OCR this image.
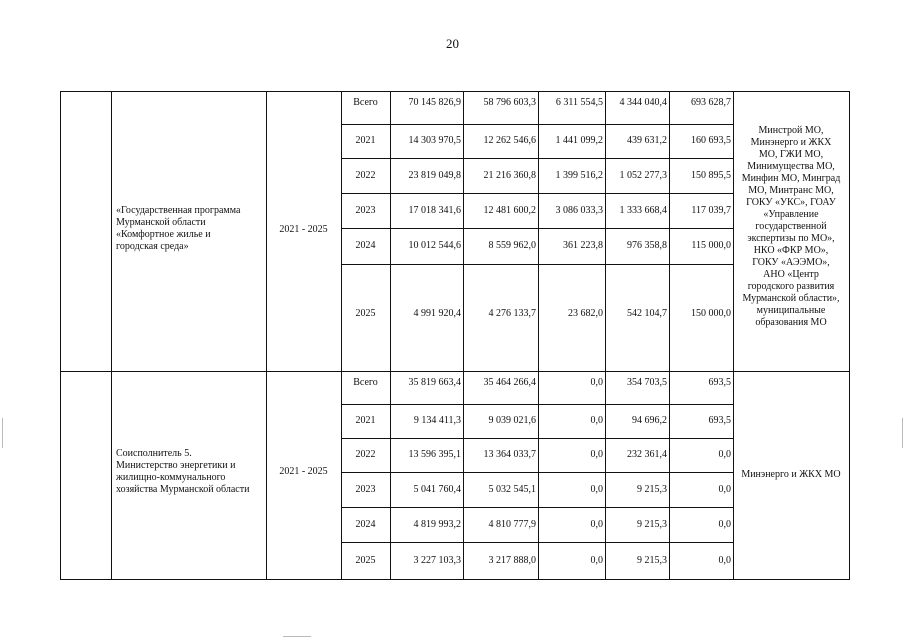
20
«Государственная программа
Мурманской области
«Комфортное жилье и
городская среда»
2021 - 2025
Всего	70 145 826,9	58 796 603,3	6 311 554,5	4 344 040,4	693 628,7
2021	14 303 970,5	12 262 546,6	1 441 099,2	439 631,2	160 693,5
2022	23 819 049,8	21 216 360,8	1 399 516,2	1 052 277,3	150 895,5
2023	17 018 341,6	12 481 600,2	3 086 033,3	1 333 668,4	117 039,7
2024	10 012 544,6	8 559 962,0	361 223,8	976 358,8	115 000,0
2025	4 991 920,4	4 276 133,7	23 682,0	542 104,7	150 000,0
Соисполнитель 5.
Министерство энергетики и
жилищно-коммунального
хозяйства Мурманской области
2021 - 2025
Всего	35 819 663,4	35 464 266,4	0,0	354 703,5	693,5
2021	9 134 411,3	9 039 021,6	0,0	94 696,2	693,5
2022	13 596 395,1	13 364 033,7	0,0	232 361,4	0,0
2023	5 041 760,4	5 032 545,1	0,0	9 215,3	0,0
2024	4 819 993,2	4 810 777,9	0,0	9 215,3	0,0
2025	3 227 103,3	3 217 888,0	0,0	9 215,3	0,0
Минстрой МО,
Минэнерго и ЖКХ
МО, ГЖИ МО,
Минимущества МО,
Минфин МО, Минград
МО, Минтранс МО,
ГОКУ «УКС», ГОАУ
«Управление
государственной
экспертизы по МО»,
НКО «ФКР МО»,
ГОКУ «АЭЭМО»,
АНО «Центр
городского развития
Мурманской области»,
муниципальные
образования МО
Минэнерго и ЖКХ МО
